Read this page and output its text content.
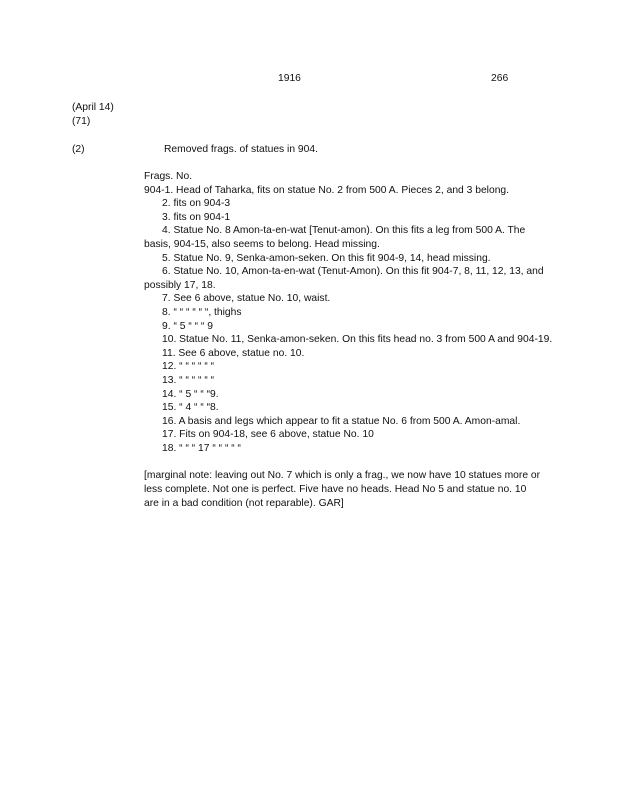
1916	266
(April 14)
(71)
(2)	Removed frags. of statues in 904.
Frags. No.
904-1. Head of Taharka, fits on statue No. 2 from 500 A. Pieces 2, and 3 belong.
2. fits on 904-3
3. fits on 904-1
4. Statue No. 8 Amon-ta-en-wat [Tenut-amon). On this fits a leg from 500 A. The
basis, 904-15, also seems to belong. Head missing.
5. Statue No. 9, Senka-amon-seken. On this fit 904-9, 14, head missing.
6. Statue No. 10, Amon-ta-en-wat (Tenut-Amon). On this fit 904-7, 8, 11, 12, 13, and
possibly 17, 18.
7. See 6 above, statue No. 10, waist.
8. “ “ “ “ “ “, thighs
9. “ 5 “ “ “ 9
10. Statue No. 11, Senka-amon-seken. On this fits head no. 3 from 500 A and 904-19.
11. See 6 above, statue no. 10.
12. “ “ “ “ “ “
13. “ “ “ “ “ “
14. “ 5 “ “ “9.
15. “ 4 “ “ “8.
16. A basis and legs which appear to fit a statue No. 6 from 500 A. Amon-amal.
17. Fits on 904-18, see 6 above, statue No. 10
18. “ “ “ 17 “ “ “ “ “
[marginal note: leaving out No. 7 which is only a frag., we now have 10 statues more or less complete. Not one is perfect. Five have no heads. Head No 5 and statue no. 10 are in a bad condition (not reparable). GAR]
